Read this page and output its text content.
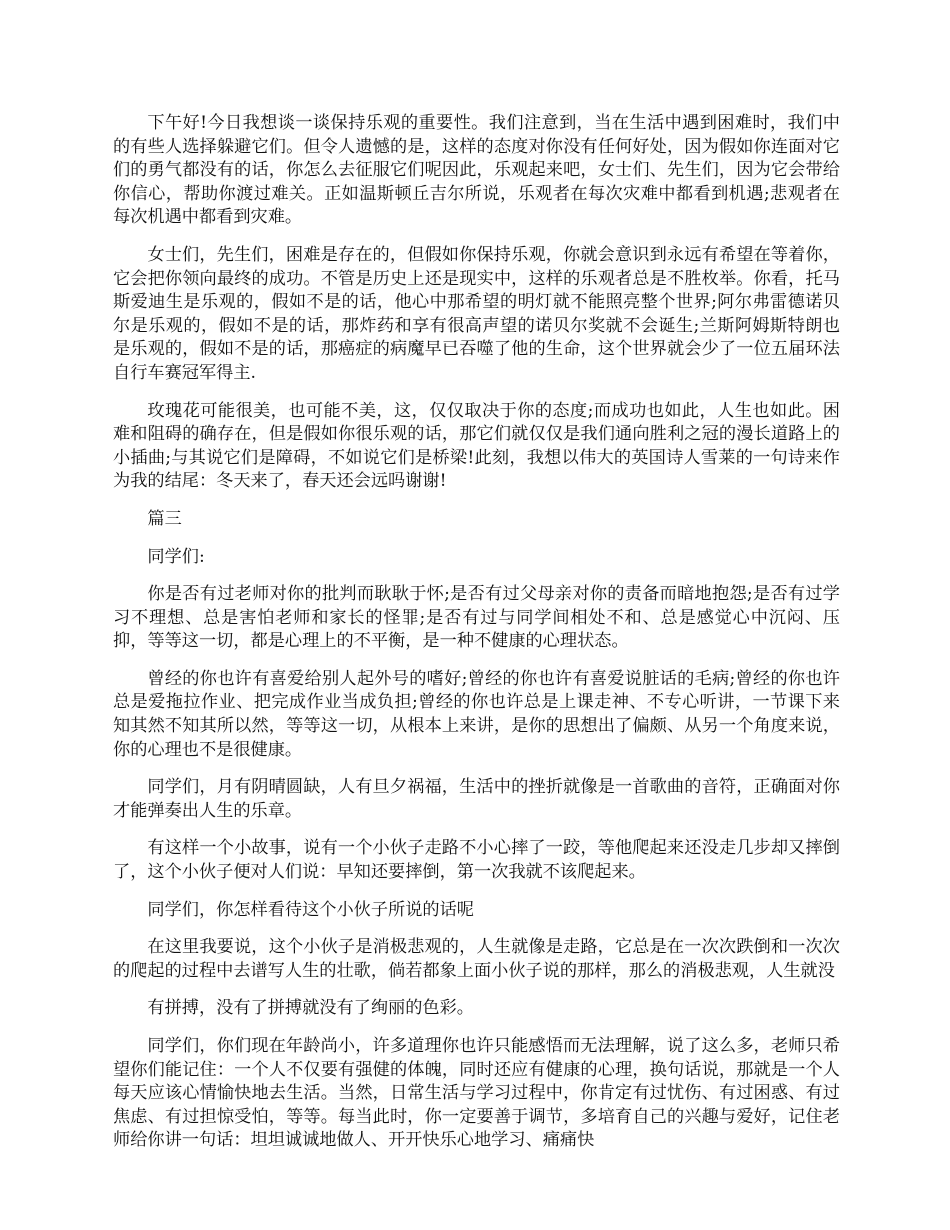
下午好!今日我想谈一谈保持乐观的重要性。我们注意到，当在生活中遇到困难时，我们中的有些人选择躲避它们。但令人遗憾的是，这样的态度对你没有任何好处，因为假如你连面对它们的勇气都没有的话，你怎么去征服它们呢因此，乐观起来吧，女士们、先生们，因为它会带给你信心，帮助你渡过难关。正如温斯顿丘吉尔所说，乐观者在每次灾难中都看到机遇;悲观者在每次机遇中都看到灾难。

女士们，先生们，困难是存在的，但假如你保持乐观，你就会意识到永远有希望在等着你，它会把你领向最终的成功。不管是历史上还是现实中，这样的乐观者总是不胜枚举。你看，托马斯爱迪生是乐观的，假如不是的话，他心中那希望的明灯就不能照亮整个世界;阿尔弗雷德诺贝尔是乐观的，假如不是的话，那炸药和享有很高声望的诺贝尔奖就不会诞生;兰斯阿姆斯特朗也是乐观的，假如不是的话，那癌症的病魔早已吞噬了他的生命，这个世界就会少了一位五届环法自行车赛冠军得主.

玫瑰花可能很美，也可能不美，这，仅仅取决于你的态度;而成功也如此，人生也如此。困难和阻碍的确存在，但是假如你很乐观的话，那它们就仅仅是我们通向胜利之冠的漫长道路上的小插曲;与其说它们是障碍，不如说它们是桥梁!此刻，我想以伟大的英国诗人雪莱的一句诗来作为我的结尾：冬天来了，春天还会远吗谢谢!

篇三

同学们:

你是否有过老师对你的批判而耿耿于怀;是否有过父母亲对你的责备而暗地抱怨;是否有过学习不理想、总是害怕老师和家长的怪罪;是否有过与同学间相处不和、总是感觉心中沉闷、压抑，等等这一切，都是心理上的不平衡，是一种不健康的心理状态。

曾经的你也许有喜爱给别人起外号的嗜好;曾经的你也许有喜爱说脏话的毛病;曾经的你也许总是爱拖拉作业、把完成作业当成负担;曾经的你也许总是上课走神、不专心听讲，一节课下来知其然不知其所以然，等等这一切，从根本上来讲，是你的思想出了偏颇、从另一个角度来说，你的心理也不是很健康。

同学们，月有阴晴圆缺，人有旦夕祸福，生活中的挫折就像是一首歌曲的音符，正确面对你才能弹奏出人生的乐章。

有这样一个小故事，说有一个小伙子走路不小心摔了一跤，等他爬起来还没走几步却又摔倒了，这个小伙子便对人们说：早知还要摔倒，第一次我就不该爬起来。

同学们，你怎样看待这个小伙子所说的话呢

在这里我要说，这个小伙子是消极悲观的，人生就像是走路，它总是在一次次跌倒和一次次的爬起的过程中去谱写人生的壮歌，倘若都象上面小伙子说的那样，那么的消极悲观，人生就没

有拼搏，没有了拼搏就没有了绚丽的色彩。

同学们，你们现在年龄尚小，许多道理你也许只能感悟而无法理解，说了这么多，老师只希望你们能记住：一个人不仅要有强健的体魄，同时还应有健康的心理，换句话说，那就是一个人每天应该心情愉快地去生活。当然，日常生活与学习过程中，你肯定有过忧伤、有过困惑、有过焦虑、有过担惊受怕，等等。每当此时，你一定要善于调节，多培育自己的兴趣与爱好，记住老师给你讲一句话：坦坦诚诚地做人、开开快乐心地学习、痛痛快
